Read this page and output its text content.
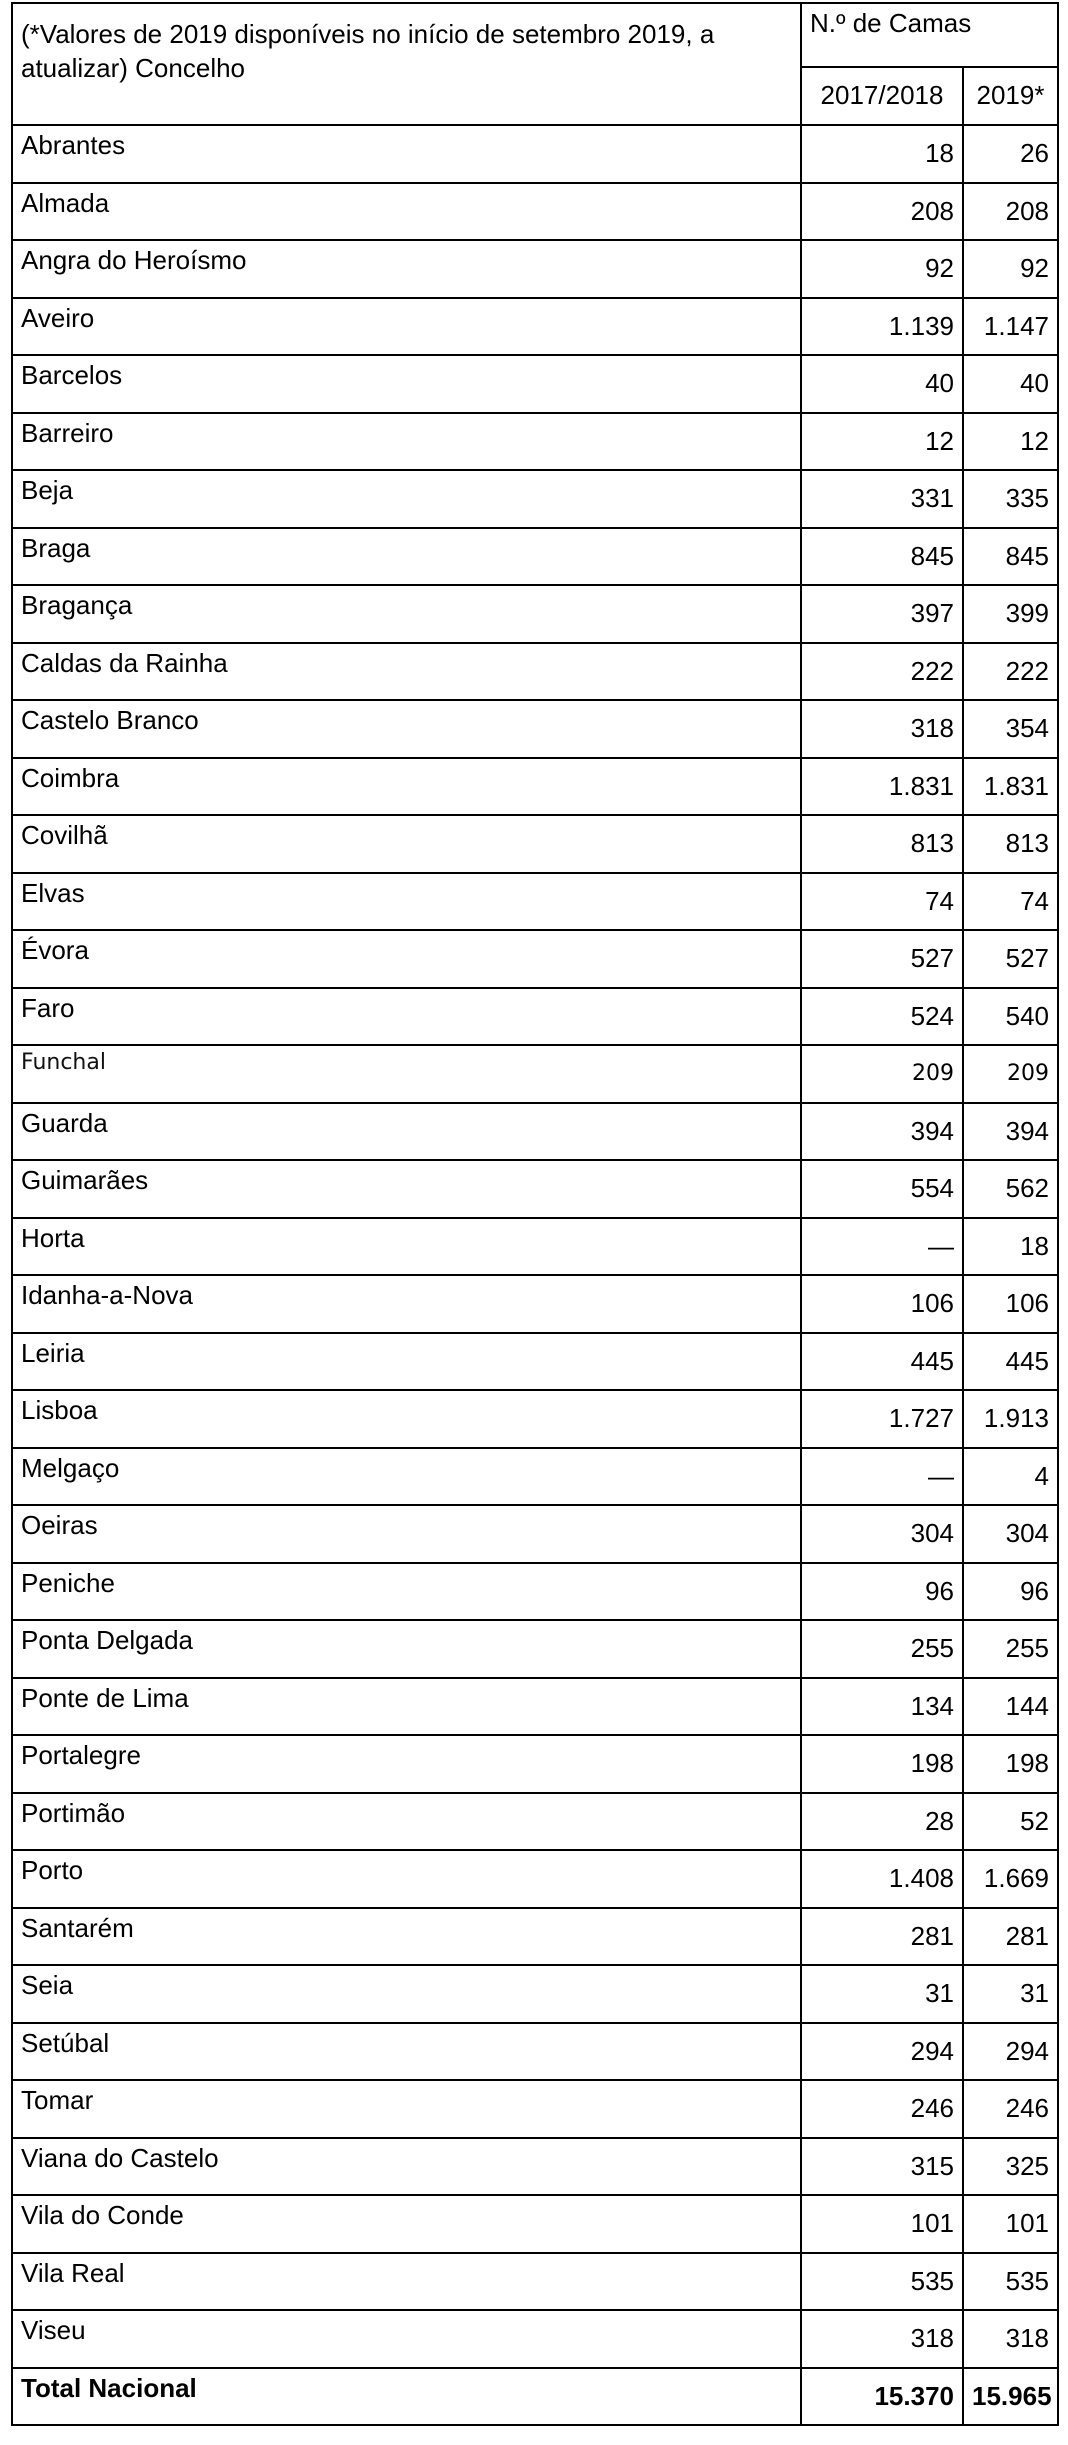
(*Valores de 2019 disponíveis no início de setembro 2019, a atualizar) Concelho	N.º de Camas	
	2017/2018	2019*
Abrantes	18	26
Almada	208	208
Angra do Heroísmo	92	92
Aveiro	1.139	1.147
Barcelos	40	40
Barreiro	12	12
Beja	331	335
Braga	845	845
Bragança	397	399
Caldas da Rainha	222	222
Castelo Branco	318	354
Coimbra	1.831	1.831
Covilhã	813	813
Elvas	74	74
Évora	527	527
Faro	524	540
Funchal	209	209
Guarda	394	394
Guimarães	554	562
Horta	—	18
Idanha-a-Nova	106	106
Leiria	445	445
Lisboa	1.727	1.913
Melgaço	—	4
Oeiras	304	304
Peniche	96	96
Ponta Delgada	255	255
Ponte de Lima	134	144
Portalegre	198	198
Portimão	28	52
Porto	1.408	1.669
Santarém	281	281
Seia	31	31
Setúbal	294	294
Tomar	246	246
Viana do Castelo	315	325
Vila do Conde	101	101
Vila Real	535	535
Viseu	318	318
Total Nacional	15.370	15.965
